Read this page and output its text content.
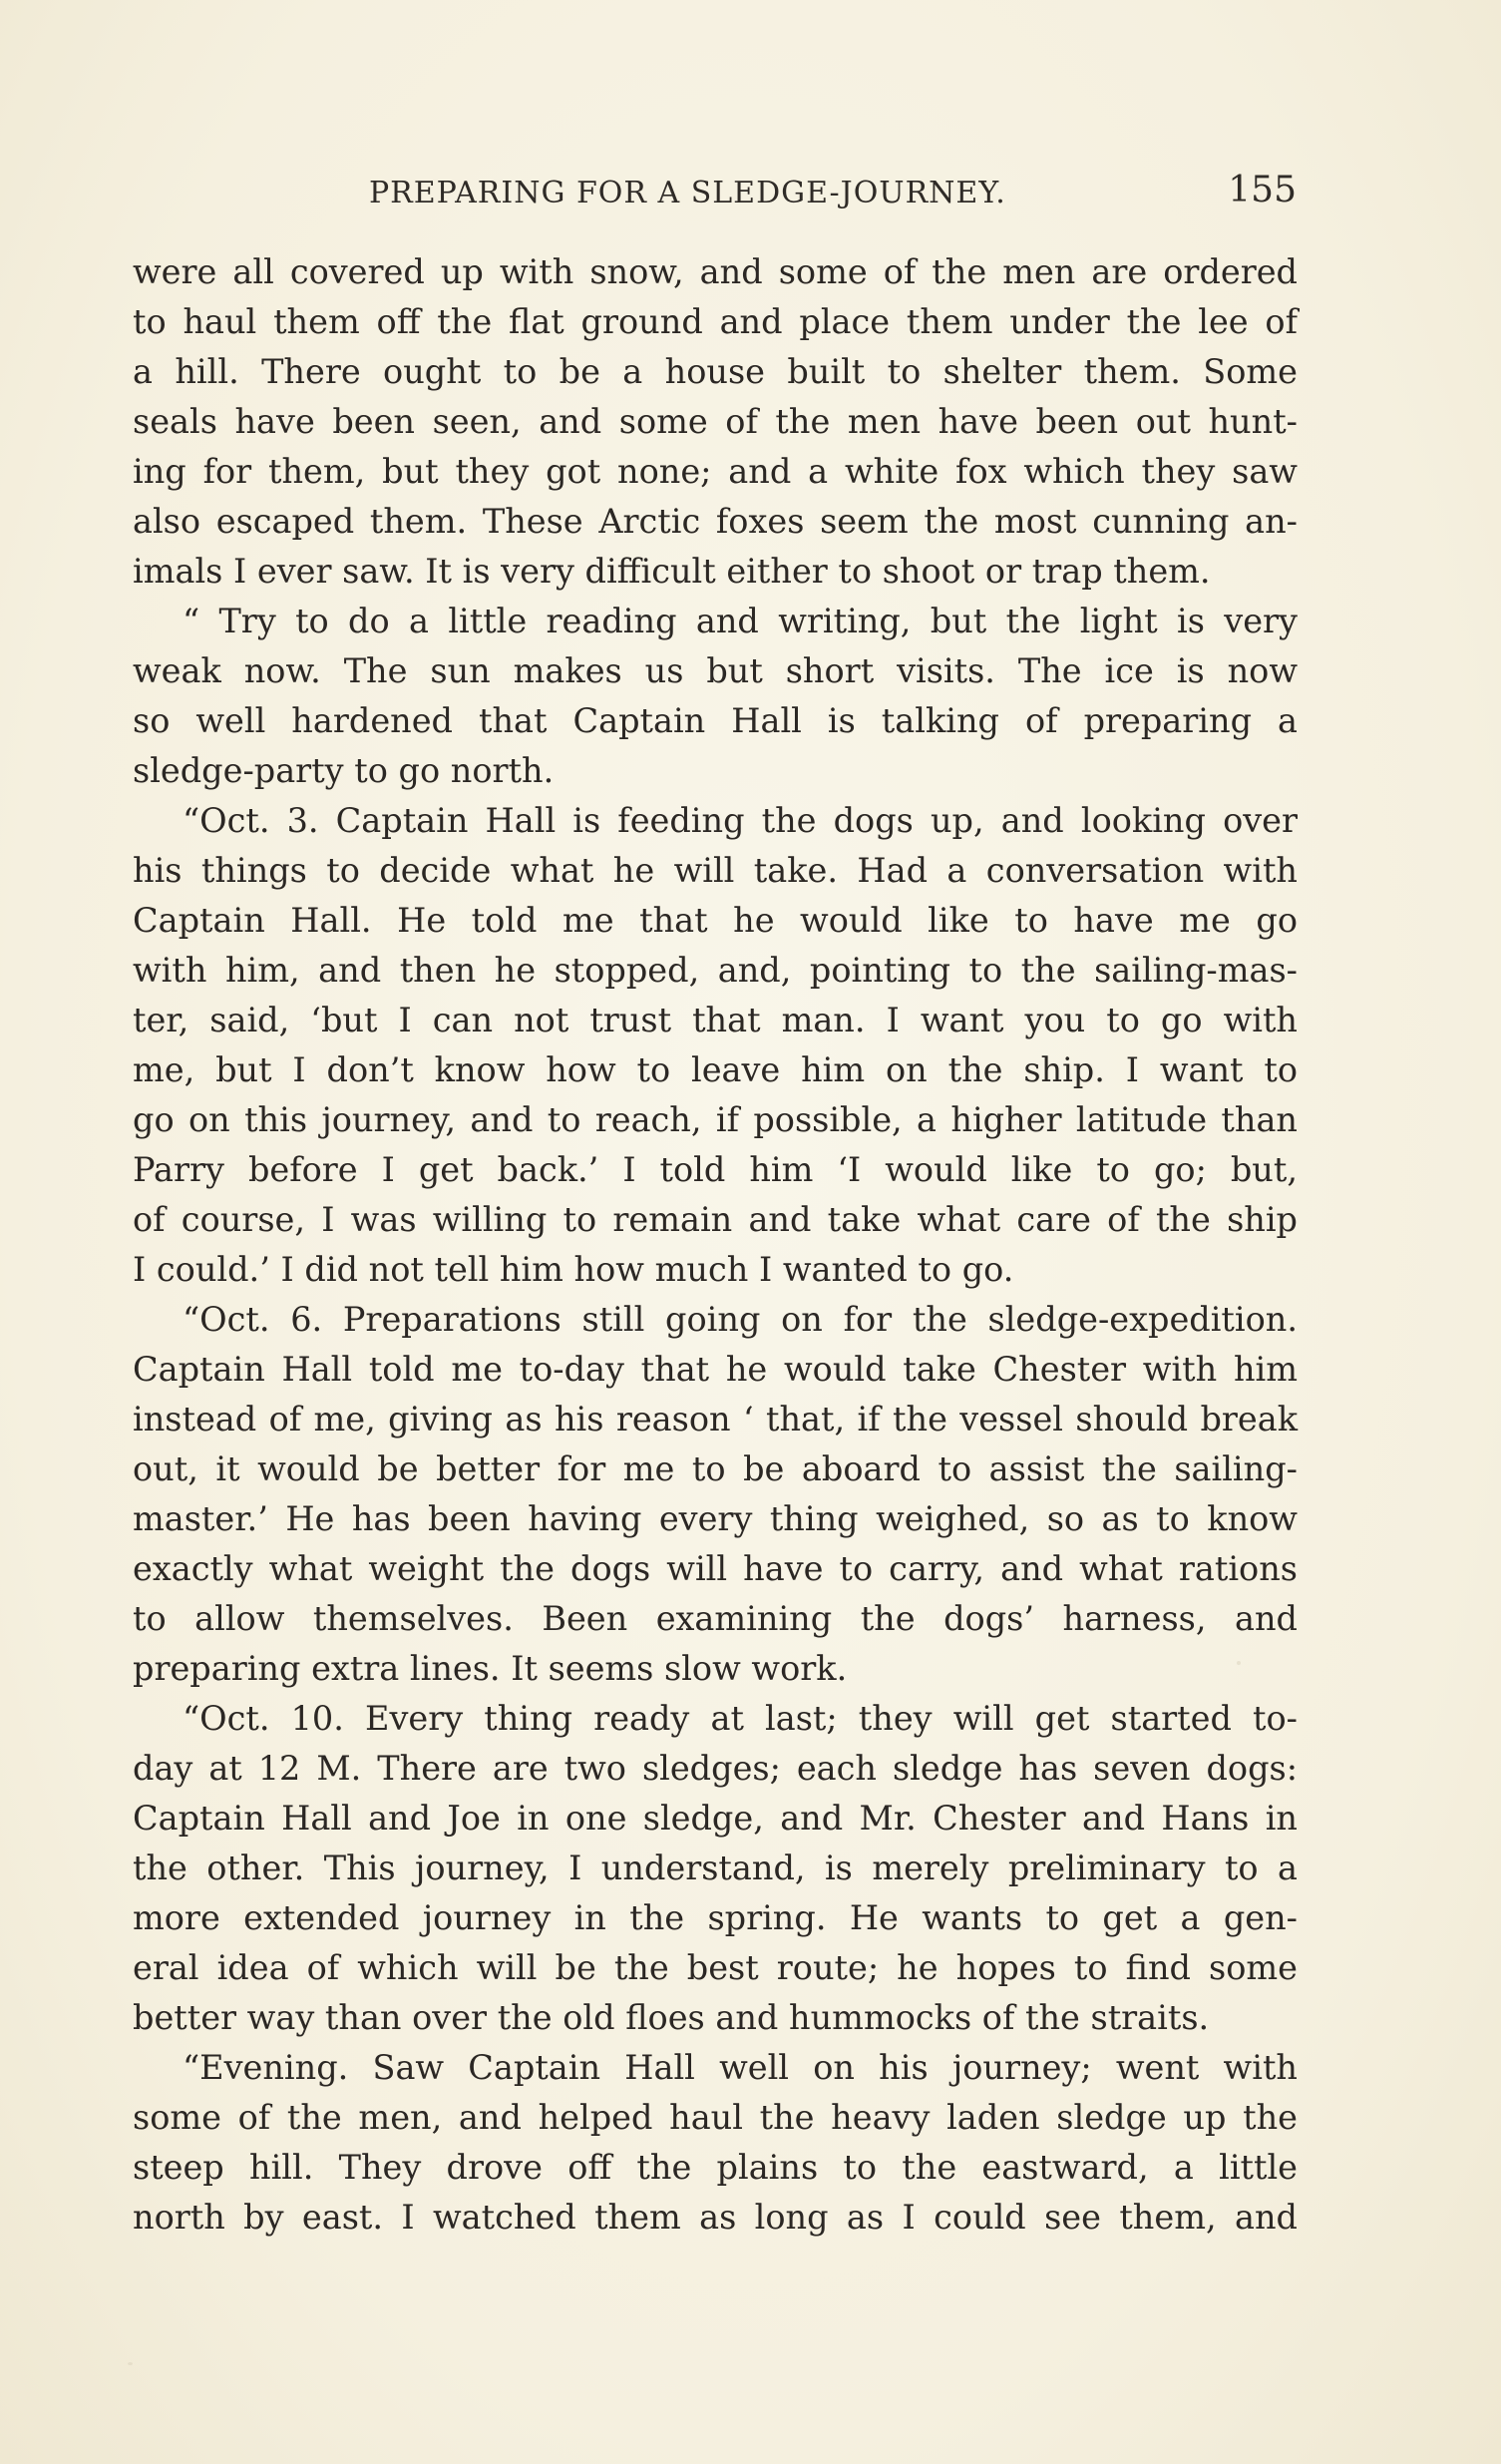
PREPARING FOR A SLEDGE-JOURNEY.	155
were all covered up with snow, and some of the men are ordered
to haul them off the flat ground and place them under the lee of
a hill. There ought to be a house built to shelter them. Some
seals have been seen, and some of the men have been out hunt-
ing for them, but they got none; and a white fox which they saw
also escaped them. These Arctic foxes seem the most cunning an-
imals I ever saw. It is very difficult either to shoot or trap them.
“ Try to do a little reading and writing, but the light is very
weak now. The sun makes us but short visits. The ice is now
so well hardened that Captain Hall is talking of preparing a
sledge-party to go north.
“Oct. 3. Captain Hall is feeding the dogs up, and looking over
his things to decide what he will take. Had a conversation with
Captain Hall. He told me that he would like to have me go
with him, and then he stopped, and, pointing to the sailing-mas-
ter, said, ‘but I can not trust that man. I want you to go with
me, but I don’t know how to leave him on the ship. I want to
go on this journey, and to reach, if possible, a higher latitude than
Parry before I get back.’ I told him ‘I would like to go; but,
of course, I was willing to remain and take what care of the ship
I could.’ I did not tell him how much I wanted to go.
“Oct. 6. Preparations still going on for the sledge-expedition.
Captain Hall told me to-day that he would take Chester with him
instead of me, giving as his reason ‘ that, if the vessel should break
out, it would be better for me to be aboard to assist the sailing-
master.’ He has been having every thing weighed, so as to know
exactly what weight the dogs will have to carry, and what rations
to allow themselves. Been examining the dogs’ harness, and
preparing extra lines. It seems slow work.
“Oct. 10. Every thing ready at last; they will get started to-
day at 12 M. There are two sledges; each sledge has seven dogs:
Captain Hall and Joe in one sledge, and Mr. Chester and Hans in
the other. This journey, I understand, is merely preliminary to a
more extended journey in the spring. He wants to get a gen-
eral idea of which will be the best route; he hopes to find some
better way than over the old floes and hummocks of the straits.
“Evening. Saw Captain Hall well on his journey; went with
some of the men, and helped haul the heavy laden sledge up the
steep hill. They drove off the plains to the eastward, a little
north by east. I watched them as long as I could see them, and
